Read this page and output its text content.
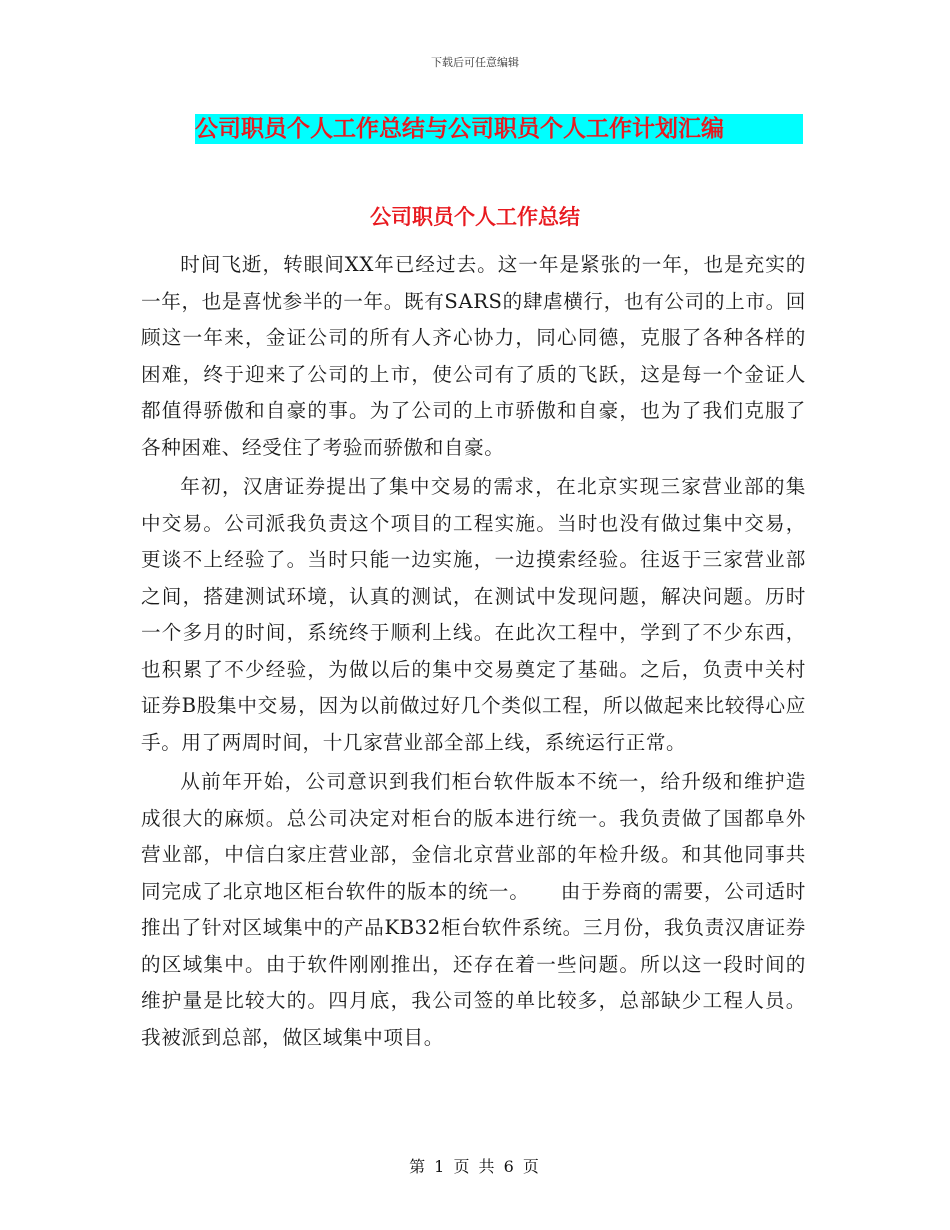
下载后可任意编辑
公司职员个人工作总结与公司职员个人工作计划汇编
公司职员个人工作总结

时间飞逝，转眼间XX年已经过去。这一年是紧张的一年，也是充实的一年，也是喜忧参半的一年。既有SARS的肆虐横行，也有公司的上市。回顾这一年来，金证公司的所有人齐心协力，同心同德，克服了各种各样的困难，终于迎来了公司的上市，使公司有了质的飞跃，这是每一个金证人都值得骄傲和自豪的事。为了公司的上市骄傲和自豪，也为了我们克服了各种困难、经受住了考验而骄傲和自豪。

年初，汉唐证券提出了集中交易的需求，在北京实现三家营业部的集中交易。公司派我负责这个项目的工程实施。当时也没有做过集中交易，更谈不上经验了。当时只能一边实施，一边摸索经验。往返于三家营业部之间，搭建测试环境，认真的测试，在测试中发现问题，解决问题。历时一个多月的时间，系统终于顺利上线。在此次工程中，学到了不少东西，也积累了不少经验，为做以后的集中交易奠定了基础。之后，负责中关村证券B股集中交易，因为以前做过好几个类似工程，所以做起来比较得心应手。用了两周时间，十几家营业部全部上线，系统运行正常。

从前年开始，公司意识到我们柜台软件版本不统一，给升级和维护造成很大的麻烦。总公司决定对柜台的版本进行统一。我负责做了国都阜外营业部，中信白家庄营业部，金信北京营业部的年检升级。和其他同事共同完成了北京地区柜台软件的版本的统一。　　由于券商的需要，公司适时推出了针对区域集中的产品KB32柜台软件系统。三月份，我负责汉唐证券的区域集中。由于软件刚刚推出，还存在着一些问题。所以这一段时间的维护量是比较大的。四月底，我公司签的单比较多，总部缺少工程人员。我被派到总部，做区域集中项目。

第 1 页 共 6 页
